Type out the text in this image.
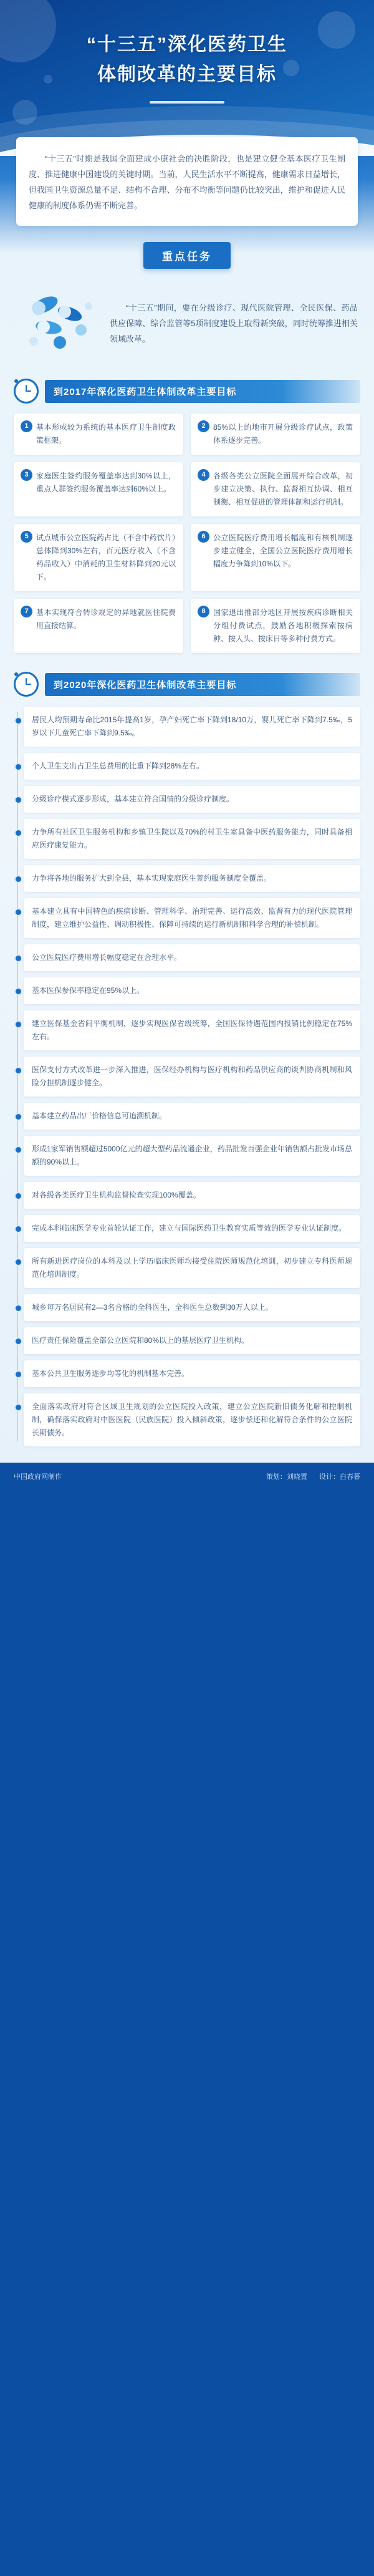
“十三五”深化医药卫生
体制改革的主要目标

“十三五”时期是我国全面建成小康社会的决胜阶段，也是建立健全基本医疗卫生制度、推进健康中国建设的关键时期。当前，人民生活水平不断提高，健康需求日益增长，但我国卫生资源总量不足、结构不合理、分布不均衡等问题仍比较突出，维护和促进人民健康的制度体系仍需不断完善。

重点任务
“十三五”期间，要在分级诊疗、现代医院管理、全民医保、药品供应保障、综合监管等5项制度建设上取得新突破，同时统筹推进相关领域改革。
到2017年深化医药卫生体制改革主要目标
1	基本形成较为系统的基本医疗卫生制度政策框架。
2	85%以上的地市开展分级诊疗试点，政策体系逐步完善。
3	家庭医生签约服务覆盖率达到30%以上，重点人群签约服务覆盖率达到60%以上。
4	各级各类公立医院全面展开综合改革，初步建立决策、执行、监督相互协调、相互制衡、相互促进的管理体制和运行机制。
5	试点城市公立医院药占比（不含中药饮片）总体降到30%左右，百元医疗收入（不含药品收入）中消耗的卫生材料降到20元以下。
6	公立医院医疗费用增长幅度和有核机制逐步建立健全，全国公立医院医疗费用增长幅度力争降到10%以下。
7	基本实现符合转诊规定的异地就医住院费用直接结算。
8	国家退出推部分地区开展按疾病诊断相关分组付费试点，鼓励各地积极探索按病种、按人头、按床日等多种付费方式。
到2020年深化医药卫生体制改革主要目标
居民人均预期寿命比2015年提高1岁，孕产妇死亡率下降到18/10万，婴儿死亡率下降到7.5‰，5岁以下儿童死亡率下降到9.5‰。
个人卫生支出占卫生总费用的比重下降到28%左右。
分级诊疗模式逐步形成，基本建立符合国情的分级诊疗制度。
力争所有社区卫生服务机构和乡镇卫生院以及70%的村卫生室具备中医药服务能力，同时具备相应医疗康复能力。
力争将各地的服务扩大到全县，基本实现家庭医生签约服务制度全覆盖。
基本建立具有中国特色的疾病诊断、管理科学、治理完善、运行高效、监督有力的现代医院管理制度，建立维护公益性、调动积极性、保障可持续的运行新机制和科学合理的补偿机制。
公立医院医疗费用增长幅度稳定在合理水平。
基本医保参保率稳定在95%以上。
建立医保基金省间平衡机制，逐步实现医保省级统筹，全国医保待遇范围内报销比例稳定在75%左右。
医保支付方式改革进一步深入推进，医保经办机构与医疗机构和药品供应商的谈判协商机制和风险分担机制逐步健全。
基本建立药品出厂价格信息可追溯机制。
形成1家军销售额超过5000亿元的超大型药品流通企业，药品批发百强企业年销售额占批发市场总额的90%以上。
对各级各类医疗卫生机构监督检查实现100%覆盖。
完成本科临床医学专业首轮认证工作，建立与国际医药卫生教育实质等效的医学专业认证制度。
所有新进医疗岗位的本科及以上学历临床医师均接受住院医师规范化培训，初步建立专科医师规范化培训制度。
城乡每万名居民有2—3名合格的全科医生，全科医生总数到30万人以上。
医疗责任保险覆盖全部公立医院和80%以上的基层医疗卫生机构。
基本公共卫生服务逐步均等化的机制基本完善。
全面落实政府对符合区域卫生规划的公立医院投入政策，建立公立医院新旧债务化解和控制机制，确保落实政府对中医医院（民族医院）投入倾斜政策，逐步偿还和化解符合条件的公立医院长期债务。
中国政府网制作	策划：刘晓置 设计：白春暮
